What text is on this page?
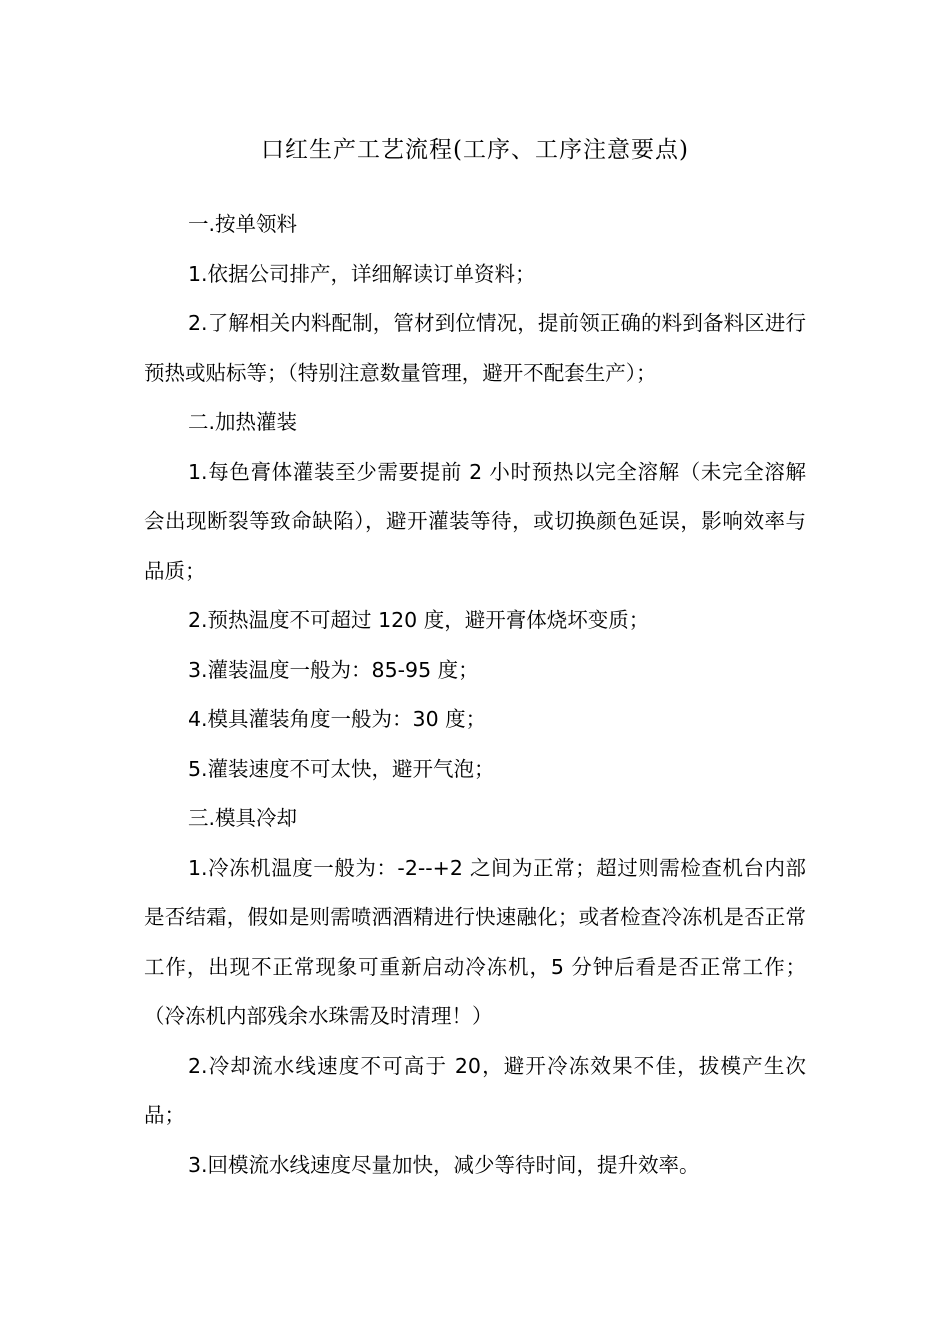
口红生产工艺流程(工序、工序注意要点)

一.按单领料

1.依据公司排产，详细解读订单资料；

2.了解相关内料配制，管材到位情况，提前领正确的料到备料区进行预热或贴标等；（特别注意数量管理，避开不配套生产）；

二.加热灌装

1.每色膏体灌装至少需要提前 2 小时预热以完全溶解（未完全溶解会出现断裂等致命缺陷），避开灌装等待，或切换颜色延误，影响效率与品质；

2.预热温度不可超过 120 度，避开膏体烧坏变质；

3.灌装温度一般为：85-95 度；

4.模具灌装角度一般为：30 度；

5.灌装速度不可太快，避开气泡；

三.模具冷却

1.冷冻机温度一般为：-2--+2 之间为正常；超过则需检查机台内部是否结霜，假如是则需喷洒酒精进行快速融化；或者检查冷冻机是否正常工作，出现不正常现象可重新启动冷冻机，5 分钟后看是否正常工作；（冷冻机内部残余水珠需及时清理！）

2.冷却流水线速度不可高于 20，避开冷冻效果不佳，拔模产生次品；

3.回模流水线速度尽量加快，减少等待时间，提升效率。
